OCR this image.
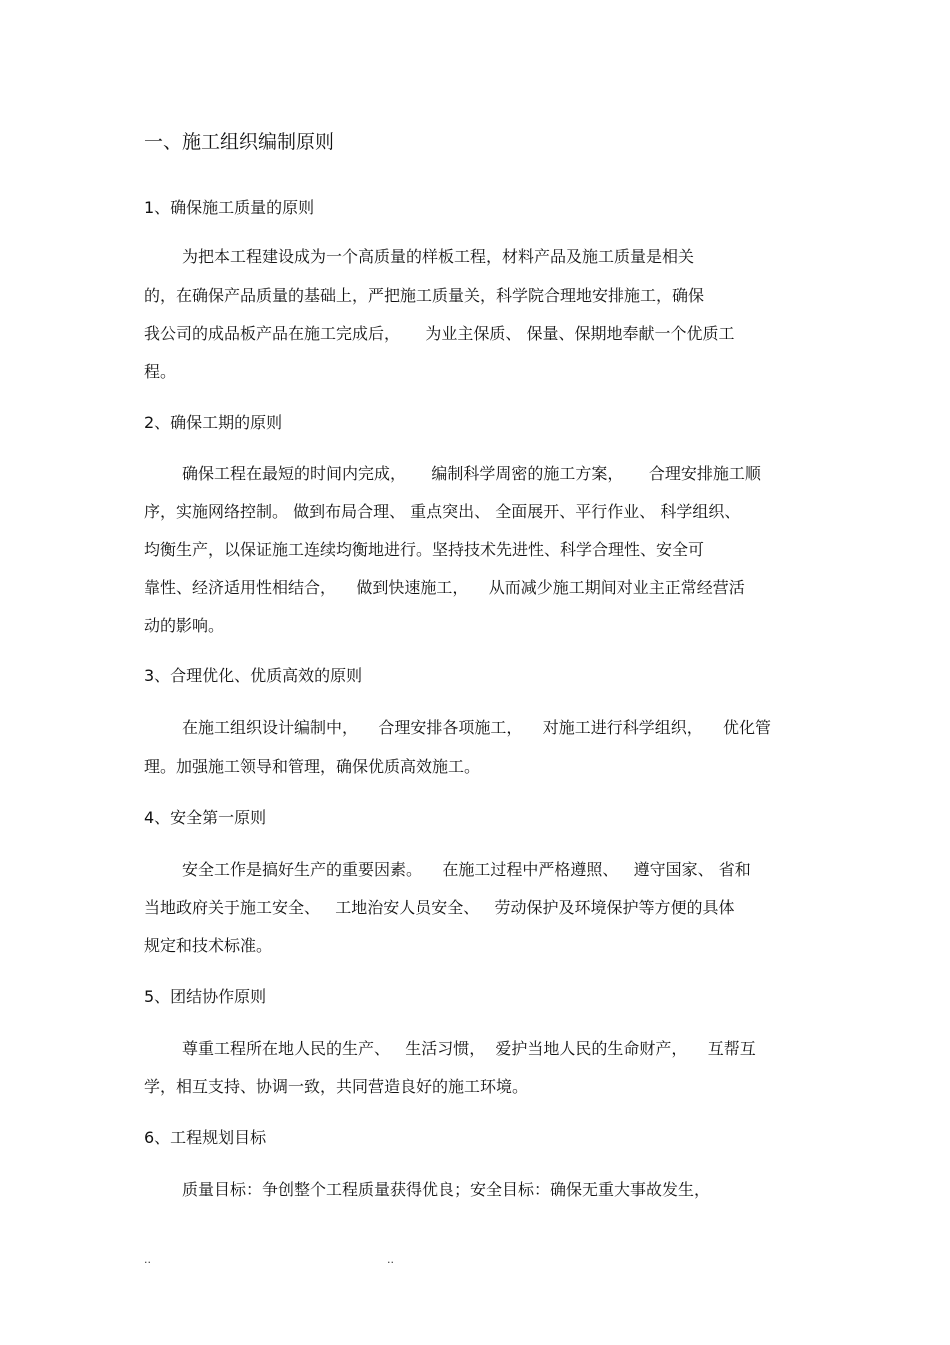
一、施工组织编制原则
1、确保施工质量的原则

为把本工程建设成为一个高质量的样板工程，材料产品及施工质量是相关

的，在确保产品质量的基础上，严把施工质量关，科学院合理地安排施工，确保

我公司的成品板产品在施工完成后，     为业主保质、 保量、保期地奉献一个优质工

程。

2、确保工期的原则

确保工程在最短的时间内完成，     编制科学周密的施工方案，     合理安排施工顺

序，实施网络控制。 做到布局合理、 重点突出、 全面展开、平行作业、 科学组织、

均衡生产，以保证施工连续均衡地进行。坚持技术先进性、科学合理性、安全可

靠性、经济适用性相结合，    做到快速施工，    从而减少施工期间对业主正常经营活

动的影响。

3、合理优化、优质高效的原则

在施工组织设计编制中，    合理安排各项施工，    对施工进行科学组织，    优化管

理。加强施工领导和管理，确保优质高效施工。

4、安全第一原则

安全工作是搞好生产的重要因素。    在施工过程中严格遵照、   遵守国家、 省和

当地政府关于施工安全、   工地治安人员安全、   劳动保护及环境保护等方便的具体

规定和技术标准。

5、团结协作原则

尊重工程所在地人民的生产、   生活习惯，  爱护当地人民的生命财产，    互帮互

学，相互支持、协调一致，共同营造良好的施工环境。

6、工程规划目标

质量目标：争创整个工程质量获得优良；安全目标：确保无重大事故发生，

..	..
